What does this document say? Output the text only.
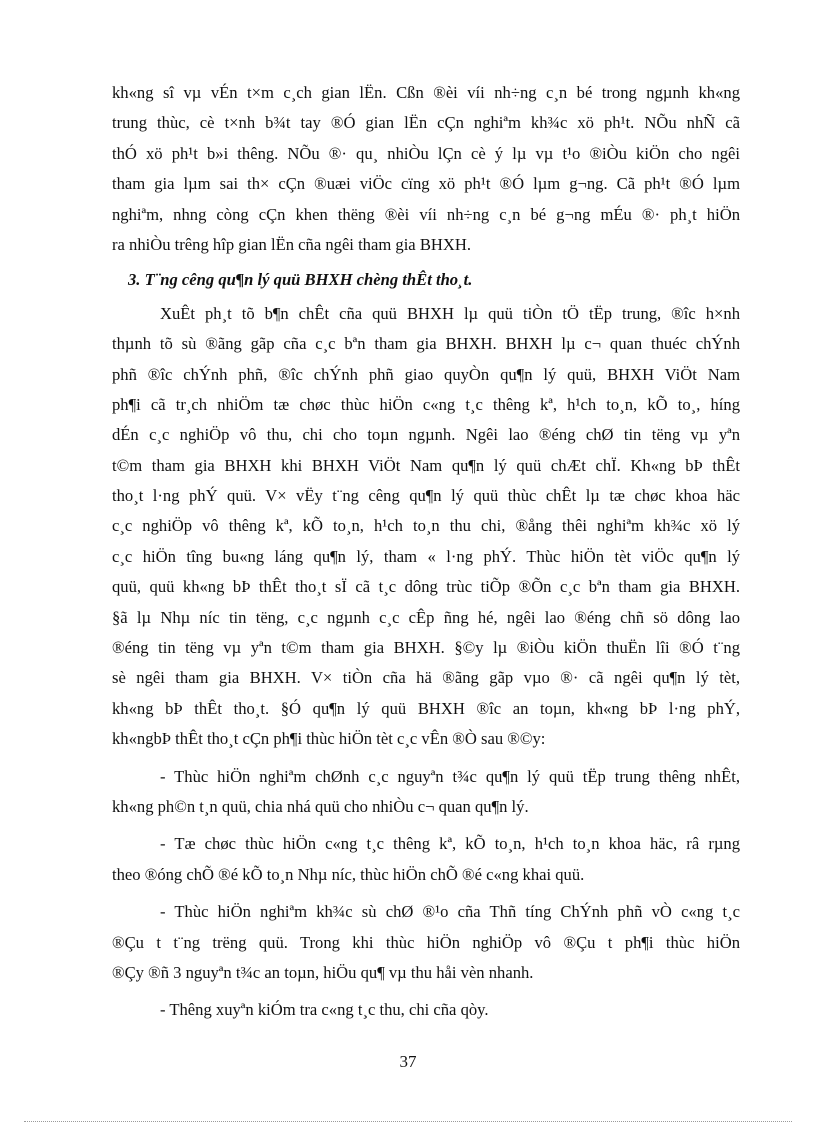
kh«ng sî vµ vÉn t×m c¸ch gian lËn. Cßn ®èi víi nh÷ng c¸n bé trong ngµnh kh«ng
trung thùc, cè t×nh b¾t tay ®Ó gian lËn cÇn nghiªm kh¾c xö ph¹t. NÕu nhÑ cã
thÓ xö ph¹t b»i thêng. NÕu ®· qu¸ nhiÒu lÇn cè ý lµ vµ t¹o ®iÒu kiÖn cho ngêi
tham gia lµm sai th× cÇn ®uæi viÖc cïng xö ph¹t ®Ó lµm g¬ng. Cã ph¹t ®Ó lµm
nghiªm, nhng còng cÇn khen thëng ®èi víi nh÷ng c¸n bé g¬ng mÉu ®· ph¸t hiÖn
ra nhiÒu trêng hîp gian lËn cña ngêi tham gia BHXH.
3. T¨ng cêng qu¶n lý quü BHXH chèng thÊt tho¸t.
XuÊt ph¸t tõ b¶n chÊt cña quü BHXH lµ quü tiÒn tÖ tËp trung, ®îc h×nh
thµnh tõ sù ®ãng gãp cña c¸c bªn tham gia BHXH. BHXH lµ c¬ quan thuéc chÝnh
phñ ®îc chÝnh phñ, ®îc chÝnh phñ giao quyÒn qu¶n lý quü, BHXH ViÖt Nam
ph¶i cã tr¸ch nhiÖm tæ chøc thùc hiÖn c«ng t¸c thêng kª, h¹ch to¸n, kÕ to¸, híng
dÉn c¸c nghiÖp vô thu, chi cho toµn ngµnh. Ngêi lao ®éng chØ tin tëng vµ yªn
t©m tham gia BHXH khi BHXH ViÖt Nam qu¶n lý quü chÆt chÏ. Kh«ng bÞ thÊt
tho¸t l·ng phÝ quü. V× vËy t¨ng cêng qu¶n lý quü thùc chÊt lµ tæ chøc khoa häc
c¸c nghiÖp vô thêng kª, kÕ to¸n, h¹ch to¸n thu chi, ®ång thêi nghiªm kh¾c xö lý
c¸c hiÖn tîng bu«ng láng qu¶n lý, tham « l·ng phÝ. Thùc hiÖn tèt viÖc qu¶n lý
quü, quü kh«ng bÞ thÊt tho¸t sÏ cã t¸c dông trùc tiÕp ®Õn c¸c bªn tham gia BHXH.
§ã lµ Nhµ níc tin tëng, c¸c ngµnh c¸c cÊp ñng hé, ngêi lao ®éng chñ sö dông lao
®éng tin tëng vµ yªn t©m tham gia BHXH. §©y lµ ®iÒu kiÖn thuËn lîi ®Ó t¨ng
sè ngêi tham gia BHXH. V× tiÒn cña hä ®ãng gãp vµo ®· cã ngêi qu¶n lý tèt,
kh«ng bÞ thÊt tho¸t. §Ó qu¶n lý quü BHXH ®îc an toµn, kh«ng bÞ l·ng phÝ,
kh«ngbÞ thÊt tho¸t cÇn ph¶i thùc hiÖn tèt c¸c vÊn ®Ò sau ®©y:
- Thùc hiÖn nghiªm chØnh c¸c nguyªn t¾c qu¶n lý quü tËp trung thêng nhÊt,
kh«ng ph©n t¸n quü, chia nhá quü cho nhiÒu c¬ quan qu¶n lý.
- Tæ chøc thùc hiÖn c«ng t¸c thêng kª, kÕ to¸n, h¹ch to¸n khoa häc, râ rµng
theo ®óng chÕ ®é kÕ to¸n Nhµ níc, thùc hiÖn chÕ ®é c«ng khai quü.
- Thùc hiÖn nghiªm kh¾c sù chØ ®¹o cña Thñ tíng ChÝnh phñ vÒ c«ng t¸c
®Çu t t¨ng trëng quü. Trong khi thùc hiÖn nghiÖp vô ®Çu t ph¶i thùc hiÖn
®Çy ®ñ 3 nguyªn t¾c an toµn, hiÖu qu¶ vµ thu håi vèn nhanh.
- Thêng xuyªn kiÓm tra c«ng t¸c thu, chi cña qòy.
37
